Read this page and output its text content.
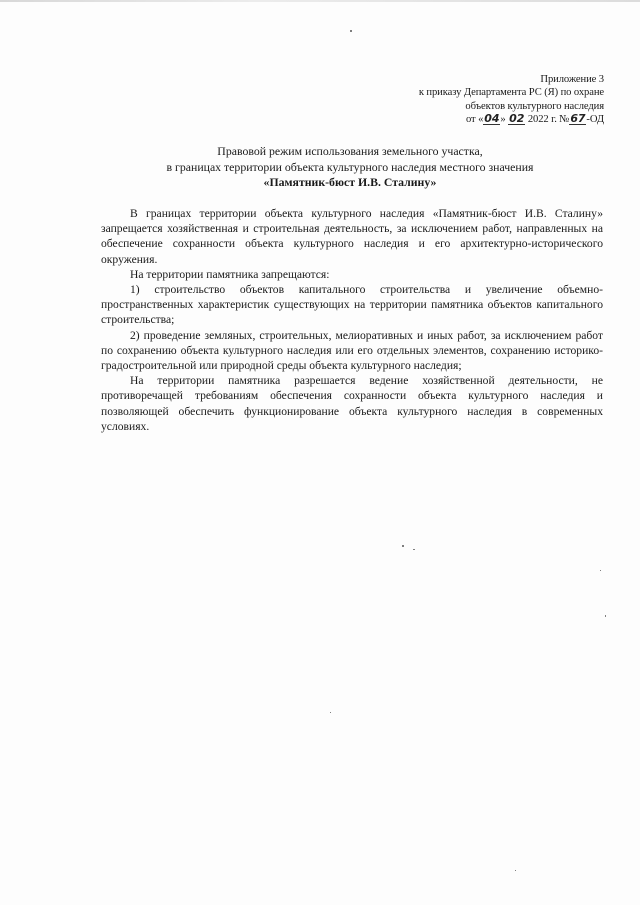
Приложение 3
к приказу Департамента РС (Я) по охране
объектов культурного наследия
от «04» 02 2022 г. №67-ОД
Правовой режим использования земельного участка,
в границах территории объекта культурного наследия местного значения
«Памятник-бюст И.В. Сталину»

В границах территории объекта культурного наследия «Памятник-бюст И.В. Сталину» запрещается хозяйственная и строительная деятельность, за исключением работ, направленных на обеспечение сохранности объекта культурного наследия и его архитектурно-исторического окружения.

На территории памятника запрещаются:

1) строительство объектов капитального строительства и увеличение объемно-пространственных характеристик существующих на территории памятника объектов капитального строительства;

2) проведение земляных, строительных, мелиоративных и иных работ, за исключением работ по сохранению объекта культурного наследия или его отдельных элементов, сохранению историко-градостроительной или природной среды объекта культурного наследия;

На территории памятника разрешается ведение хозяйственной деятельности, не противоречащей требованиям обеспечения сохранности объекта культурного наследия и позволяющей обеспечить функционирование объекта культурного наследия в современных условиях.
